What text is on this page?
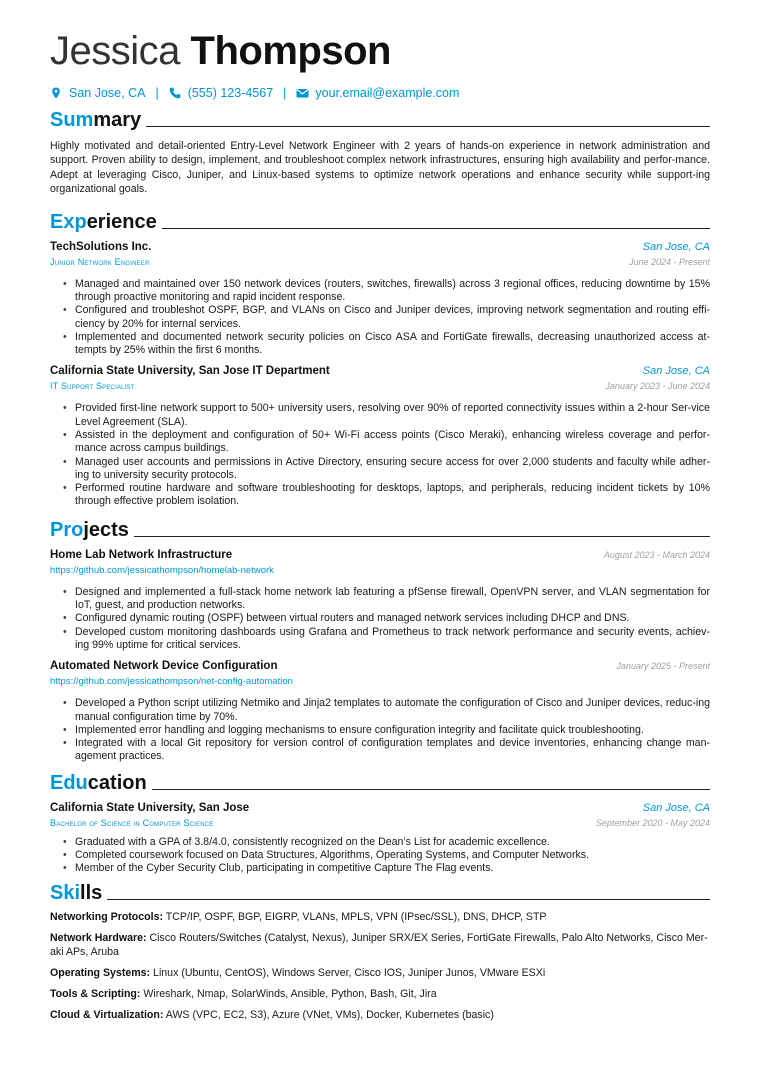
Jessica Thompson
San Jose, CA | (555) 123-4567 | your.email@example.com
Summary
Highly motivated and detail-oriented Entry-Level Network Engineer with 2 years of hands-on experience in network administration and support. Proven ability to design, implement, and troubleshoot complex network infrastructures, ensuring high availability and perfor-mance. Adept at leveraging Cisco, Juniper, and Linux-based systems to optimize network operations and enhance security while support-ing organizational goals.
Experience
TechSolutions Inc.	San Jose, CA
Junior Network Engineer	June 2024 - Present
• Managed and maintained over 150 network devices (routers, switches, firewalls) across 3 regional offices, reducing downtime by 15% through proactive monitoring and rapid incident response.
• Configured and troubleshot OSPF, BGP, and VLANs on Cisco and Juniper devices, improving network segmentation and routing effi-ciency by 20% for internal services.
• Implemented and documented network security policies on Cisco ASA and FortiGate firewalls, decreasing unauthorized access at-tempts by 25% within the first 6 months.
California State University, San Jose IT Department	San Jose, CA
IT Support Specialist	January 2023 - June 2024
• Provided first-line network support to 500+ university users, resolving over 90% of reported connectivity issues within a 2-hour Ser-vice Level Agreement (SLA).
• Assisted in the deployment and configuration of 50+ Wi-Fi access points (Cisco Meraki), enhancing wireless coverage and perfor-mance across campus buildings.
• Managed user accounts and permissions in Active Directory, ensuring secure access for over 2,000 students and faculty while adher-ing to university security protocols.
• Performed routine hardware and software troubleshooting for desktops, laptops, and peripherals, reducing incident tickets by 10% through effective problem isolation.
Projects
Home Lab Network Infrastructure	August 2023 - March 2024
https://github.com/jessicathompson/homelab-network
• Designed and implemented a full-stack home network lab featuring a pfSense firewall, OpenVPN server, and VLAN segmentation for IoT, guest, and production networks.
• Configured dynamic routing (OSPF) between virtual routers and managed network services including DHCP and DNS.
• Developed custom monitoring dashboards using Grafana and Prometheus to track network performance and security events, achiev-ing 99% uptime for critical services.
Automated Network Device Configuration	January 2025 - Present
https://github.com/jessicathompson/net-config-automation
• Developed a Python script utilizing Netmiko and Jinja2 templates to automate the configuration of Cisco and Juniper devices, reduc-ing manual configuration time by 70%.
• Implemented error handling and logging mechanisms to ensure configuration integrity and facilitate quick troubleshooting.
• Integrated with a local Git repository for version control of configuration templates and device inventories, enhancing change man-agement practices.
Education
California State University, San Jose	San Jose, CA
Bachelor of Science in Computer Science	September 2020 - May 2024
• Graduated with a GPA of 3.8/4.0, consistently recognized on the Dean’s List for academic excellence.
• Completed coursework focused on Data Structures, Algorithms, Operating Systems, and Computer Networks.
• Member of the Cyber Security Club, participating in competitive Capture The Flag events.
Skills
Networking Protocols: TCP/IP, OSPF, BGP, EIGRP, VLANs, MPLS, VPN (IPsec/SSL), DNS, DHCP, STP
Network Hardware: Cisco Routers/Switches (Catalyst, Nexus), Juniper SRX/EX Series, FortiGate Firewalls, Palo Alto Networks, Cisco Mer-aki APs, Aruba
Operating Systems: Linux (Ubuntu, CentOS), Windows Server, Cisco IOS, Juniper Junos, VMware ESXi
Tools & Scripting: Wireshark, Nmap, SolarWinds, Ansible, Python, Bash, Git, Jira
Cloud & Virtualization: AWS (VPC, EC2, S3), Azure (VNet, VMs), Docker, Kubernetes (basic)
